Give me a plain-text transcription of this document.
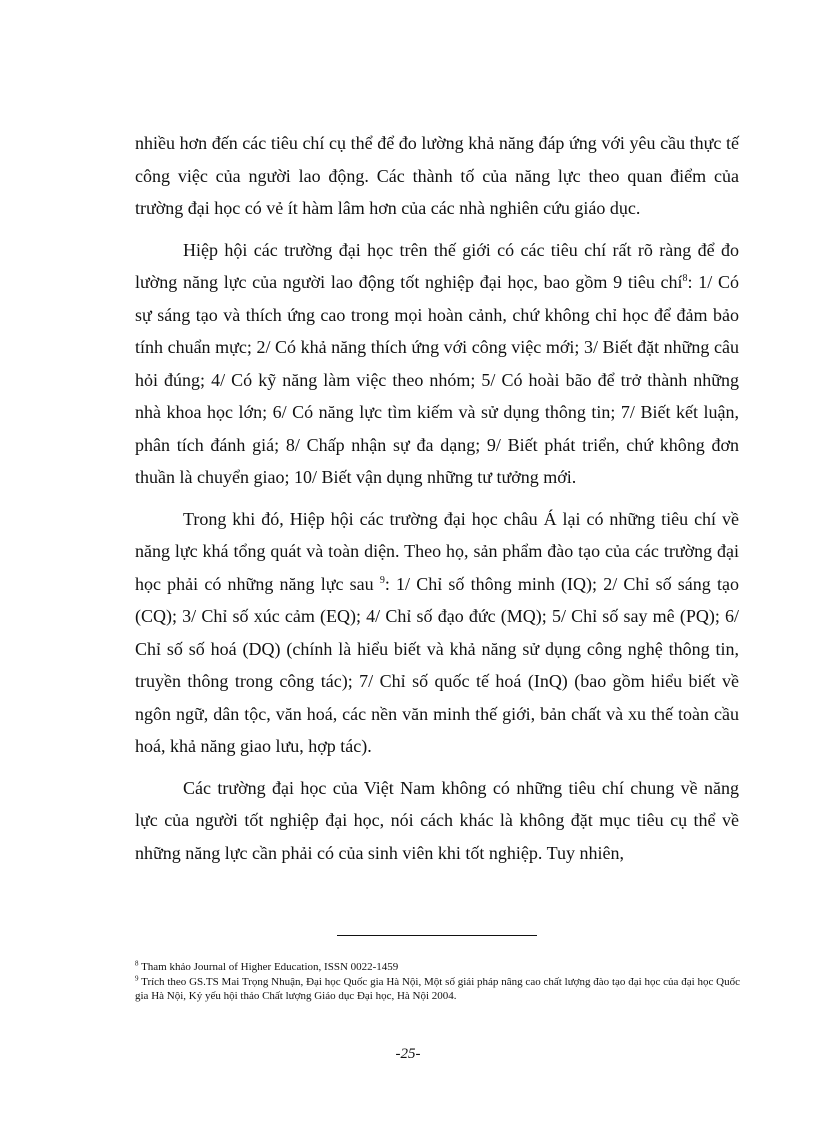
nhiều hơn đến các tiêu chí cụ thể để đo lường khả năng đáp ứng với yêu cầu thực tế công việc của người lao động. Các thành tố của năng lực theo quan điểm của trường đại học có vẻ ít hàm lâm hơn của các nhà nghiên cứu giáo dục.

Hiệp hội các trường đại học trên thế giới có các tiêu chí rất rõ ràng để đo lường năng lực của người lao động tốt nghiệp đại học, bao gồm 9 tiêu chí$^8$: 1/ Có sự sáng tạo và thích ứng cao trong mọi hoàn cảnh, chứ không chỉ học để đảm bảo tính chuẩn mực; 2/ Có khả năng thích ứng với công việc mới; 3/ Biết đặt những câu hỏi đúng; 4/ Có kỹ năng làm việc theo nhóm; 5/ Có hoài bão để trở thành những nhà khoa học lớn; 6/ Có năng lực tìm kiếm và sử dụng thông tin; 7/ Biết kết luận, phân tích đánh giá; 8/ Chấp nhận sự đa dạng; 9/ Biết phát triển, chứ không đơn thuần là chuyển giao; 10/ Biết vận dụng những tư tưởng mới.

Trong khi đó, Hiệp hội các trường đại học châu Á lại có những tiêu chí về năng lực khá tổng quát và toàn diện. Theo họ, sản phẩm đào tạo của các trường đại học phải có những năng lực sau $^9$: 1/ Chỉ số thông minh (IQ); 2/ Chỉ số sáng tạo (CQ); 3/ Chỉ số xúc cảm (EQ); 4/ Chỉ số đạo đức (MQ); 5/ Chỉ số say mê (PQ); 6/ Chỉ số số hoá (DQ) (chính là hiểu biết và khả năng sử dụng công nghệ thông tin, truyền thông trong công tác); 7/ Chỉ số quốc tế hoá (InQ) (bao gồm hiểu biết về ngôn ngữ, dân tộc, văn hoá, các nền văn minh thế giới, bản chất và xu thế toàn cầu hoá, khả năng giao lưu, hợp tác).

Các trường đại học của Việt Nam không có những tiêu chí chung về năng lực của người tốt nghiệp đại học, nói cách khác là không đặt mục tiêu cụ thể về những năng lực cần phải có của sinh viên khi tốt nghiệp. Tuy nhiên,

$^8$ Tham khảo Journal of Higher Education, ISSN 0022-1459

$^9$ Trích theo GS.TS Mai Trọng Nhuận, Đại học Quốc gia Hà Nội, Một số giải pháp nâng cao chất lượng đào tạo đại học của đại học Quốc gia Hà Nội, Kỷ yếu hội thảo Chất lượng Giáo dục Đại học, Hà Nội 2004.

-25-
